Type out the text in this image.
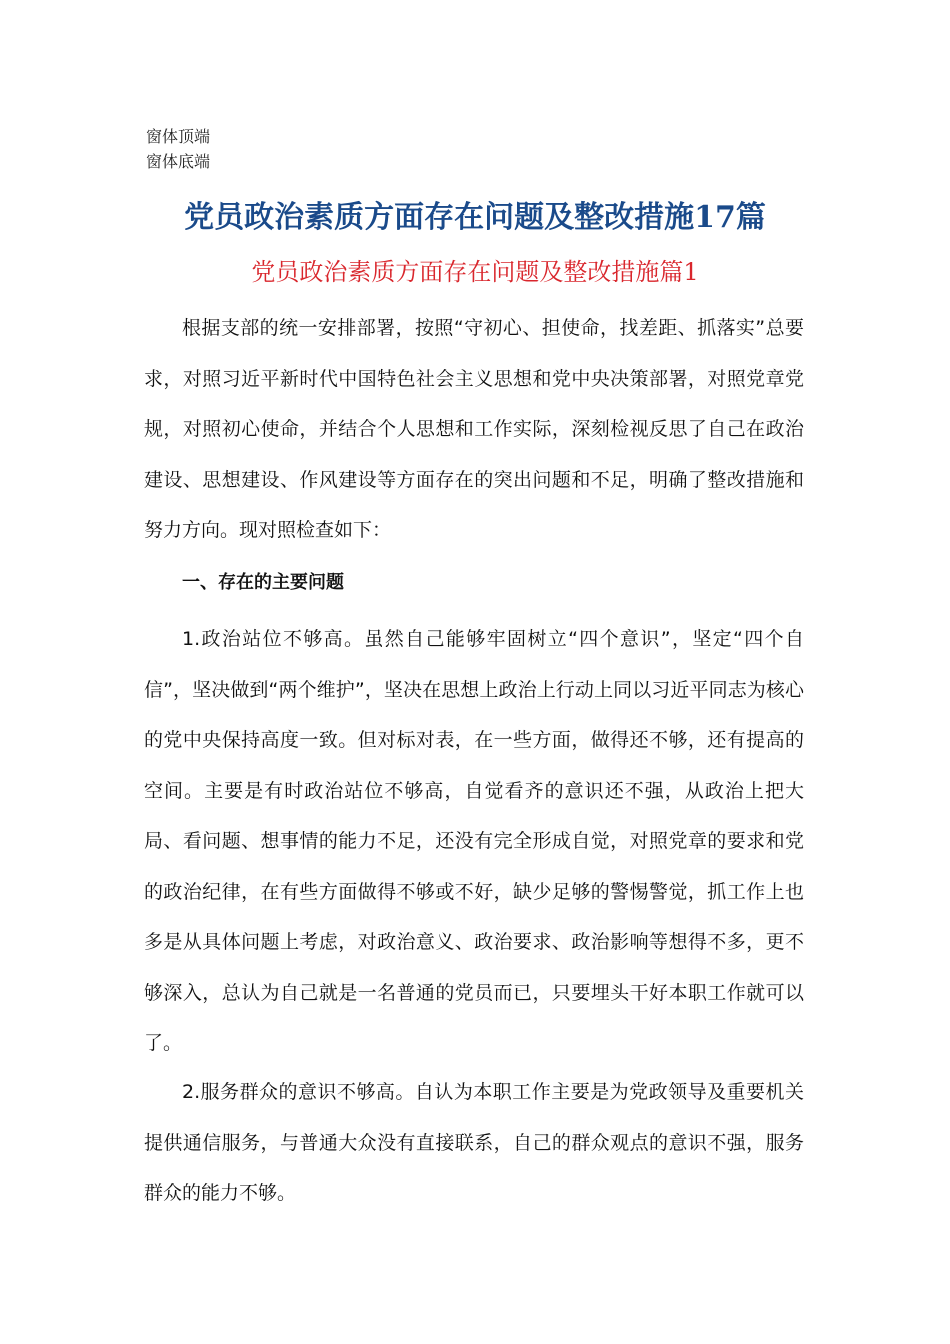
窗体顶端
窗体底端
党员政治素质方面存在问题及整改措施17篇
党员政治素质方面存在问题及整改措施篇1
根据支部的统一安排部署，按照“守初心、担使命，找差距、抓落实”总要求，对照习近平新时代中国特色社会主义思想和党中央决策部署，对照党章党规，对照初心使命，并结合个人思想和工作实际，深刻检视反思了自己在政治建设、思想建设、作风建设等方面存在的突出问题和不足，明确了整改措施和努力方向。现对照检查如下：
一、存在的主要问题
1.政治站位不够高。虽然自己能够牢固树立“四个意识”，坚定“四个自信”，坚决做到“两个维护”，坚决在思想上政治上行动上同以习近平同志为核心的党中央保持高度一致。但对标对表，在一些方面，做得还不够，还有提高的空间。主要是有时政治站位不够高，自觉看齐的意识还不强，从政治上把大局、看问题、想事情的能力不足，还没有完全形成自觉，对照党章的要求和党的政治纪律，在有些方面做得不够或不好，缺少足够的警惕警觉，抓工作上也多是从具体问题上考虑，对政治意义、政治要求、政治影响等想得不多，更不够深入，总认为自己就是一名普通的党员而已，只要埋头干好本职工作就可以了。
2.服务群众的意识不够高。自认为本职工作主要是为党政领导及重要机关提供通信服务，与普通大众没有直接联系，自己的群众观点的意识不强，服务群众的能力不够。
